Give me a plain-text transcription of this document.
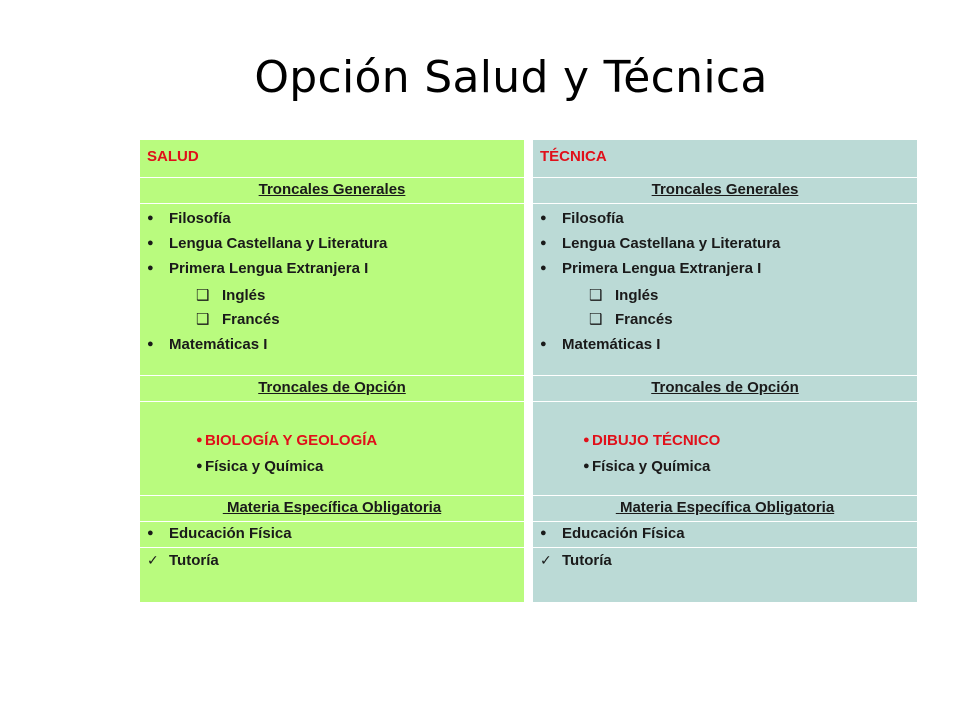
Opción Salud y Técnica
SALUD
Troncales Generales
● Filosofía
● Lengua Castellana y Literatura
● Primera Lengua Extranjera I
❑ Inglés
❑ Francés
● Matemáticas I
Troncales de Opción
● BIOLOGÍA Y GEOLOGÍA
● Física y Química
Materia Específica Obligatoria
● Educación Física
✓ Tutoría
TÉCNICA
Troncales Generales
● Filosofía
● Lengua Castellana y Literatura
● Primera Lengua Extranjera I
❑ Inglés
❑ Francés
● Matemáticas I
Troncales de Opción
● DIBUJO TÉCNICO
● Física y Química
Materia Específica Obligatoria
● Educación Física
✓ Tutoría
